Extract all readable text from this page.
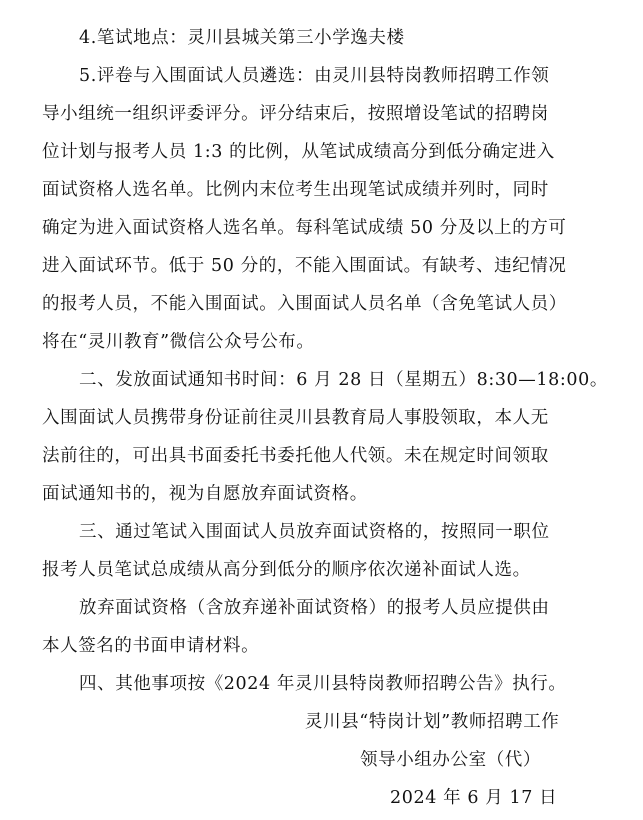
4.笔试地点：灵川县城关第三小学逸夫楼
5.评卷与入围面试人员遴选：由灵川县特岗教师招聘工作领
导小组统一组织评委评分。评分结束后，按照增设笔试的招聘岗
位计划与报考人员 1:3 的比例，从笔试成绩高分到低分确定进入
面试资格人选名单。比例内末位考生出现笔试成绩并列时，同时
确定为进入面试资格人选名单。每科笔试成绩 50 分及以上的方可
进入面试环节。低于 50 分的，不能入围面试。有缺考、违纪情况
的报考人员，不能入围面试。入围面试人员名单（含免笔试人员）
将在“灵川教育”微信公众号公布。
二、发放面试通知书时间：6 月 28 日（星期五）8:30—18:00。
入围面试人员携带身份证前往灵川县教育局人事股领取，本人无
法前往的，可出具书面委托书委托他人代领。未在规定时间领取
面试通知书的，视为自愿放弃面试资格。
三、通过笔试入围面试人员放弃面试资格的，按照同一职位
报考人员笔试总成绩从高分到低分的顺序依次递补面试人选。
放弃面试资格（含放弃递补面试资格）的报考人员应提供由
本人签名的书面申请材料。
四、其他事项按《2024 年灵川县特岗教师招聘公告》执行。
灵川县“特岗计划”教师招聘工作
领导小组办公室（代）
2024 年 6 月 17 日
